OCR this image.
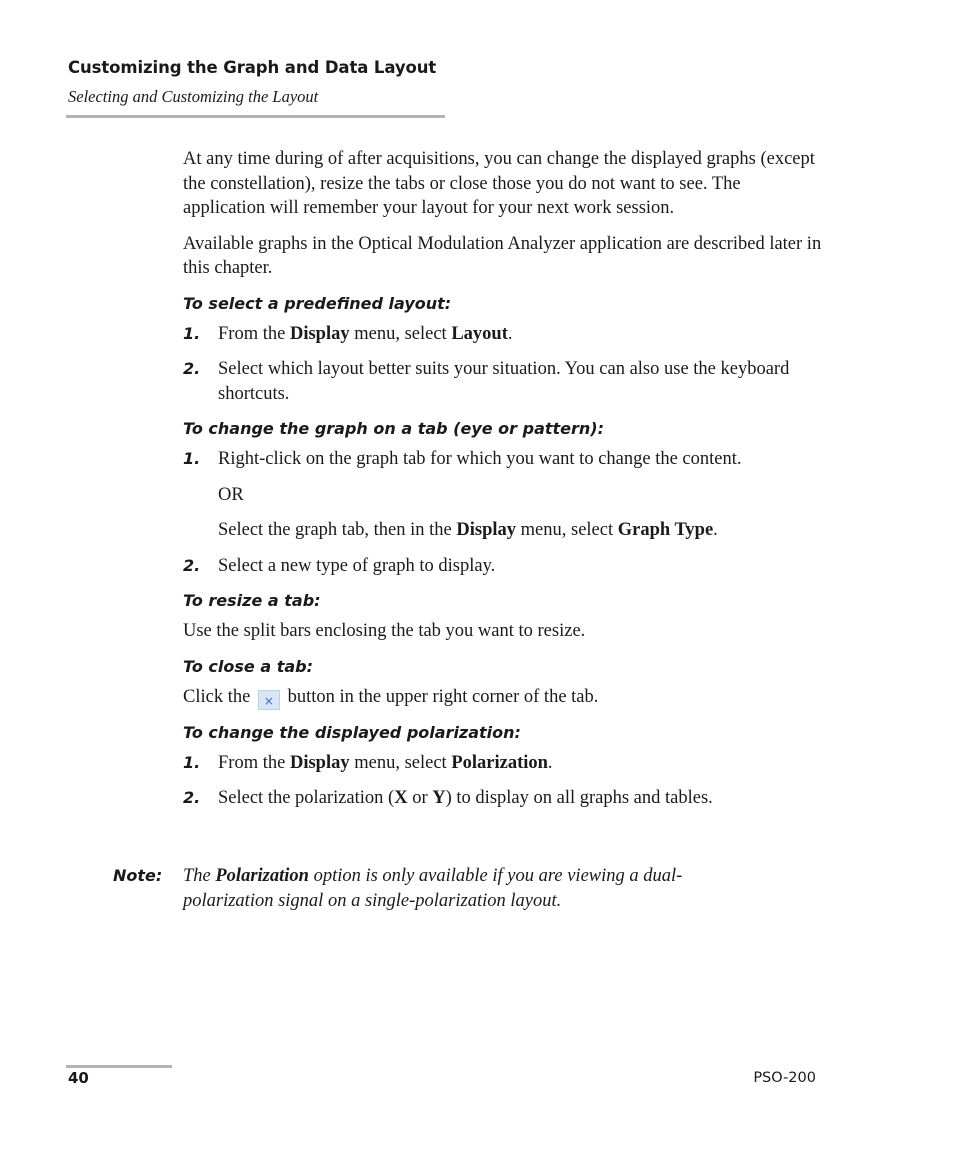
Customizing the Graph and Data Layout
Selecting and Customizing the Layout

At any time during of after acquisitions, you can change the displayed graphs (except the constellation), resize the tabs or close those you do not want to see. The application will remember your layout for your next work session.

Available graphs in the Optical Modulation Analyzer application are described later in this chapter.

To select a predefined layout:
1. From the Display menu, select Layout.
2. Select which layout better suits your situation. You can also use the keyboard shortcuts.
To change the graph on a tab (eye or pattern):
1. Right-click on the graph tab for which you want to change the content.
OR
Select the graph tab, then in the Display menu, select Graph Type.
2. Select a new type of graph to display.
To resize a tab:

Use the split bars enclosing the tab you want to resize.

To close a tab:

Click the × button in the upper right corner of the tab.

To change the displayed polarization:
1. From the Display menu, select Polarization.
2. Select the polarization (X or Y) to display on all graphs and tables.
Note: The Polarization option is only available if you are viewing a dual-polarization signal on a single-polarization layout.
40	PSO-200
